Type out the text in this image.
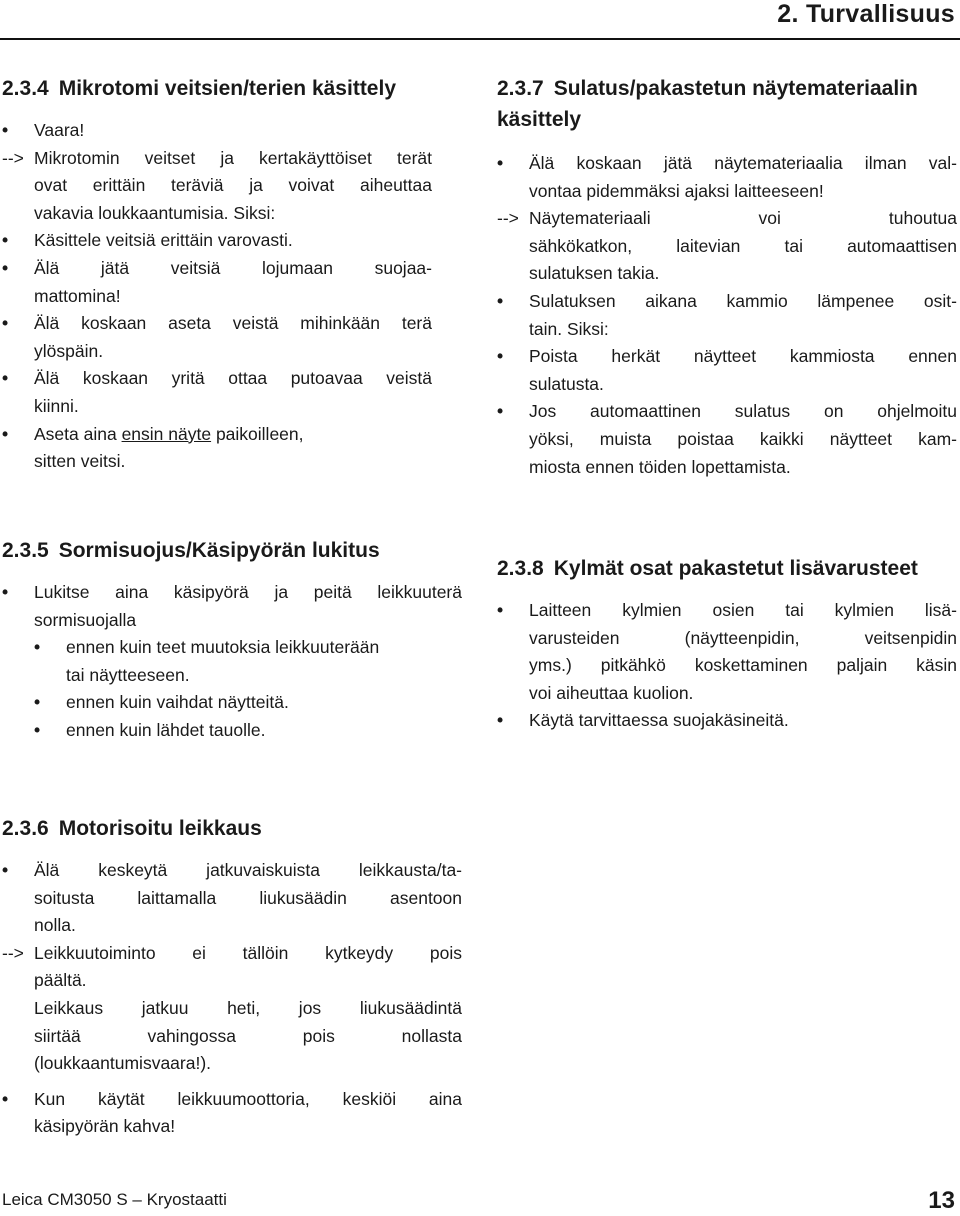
2. Turvallisuus
2.3.4 Mikrotomi veitsien/terien käsittely
• Vaara!
--> Mikrotomin veitset ja kertakäyttöiset terät
ovat erittäin teräviä ja voivat aiheuttaa
vakavia loukkaantumisia. Siksi:
• Käsittele veitsiä erittäin varovasti.
• Älä jätä veitsiä lojumaan suojaa-
mattomina!
• Älä koskaan aseta veistä mihinkään terä
ylöspäin.
• Älä koskaan yritä ottaa putoavaa veistä
kiinni.
• Aseta aina ensin näyte paikoilleen,
sitten veitsi.
2.3.5 Sormisuojus/Käsipyörän lukitus
• Lukitse aina käsipyörä ja peitä leikkuuterä
sormisuojalla
• ennen kuin teet muutoksia leikkuuterään
tai näytteeseen.
• ennen kuin vaihdat näytteitä.
• ennen kuin lähdet tauolle.
2.3.6 Motorisoitu leikkaus
• Älä keskeytä jatkuvaiskuista leikkausta/ta-
soitusta laittamalla liukusäädin asentoon
nolla.
--> Leikkuutoiminto ei tällöin kytkeydy pois
päältä.
Leikkaus jatkuu heti, jos liukusäädintä
siirtää vahingossa pois nollasta
(loukkaantumisvaara!).
• Kun käytät leikkuumoottoria, keskiöi aina
käsipyörän kahva!
2.3.7 Sulatus/pakastetun näytemateriaalin
käsittely
• Älä koskaan jätä näytemateriaalia ilman val-
vontaa pidemmäksi ajaksi laitteeseen!
--> Näytemateriaali voi tuhoutua
sähkökatkon, laitevian tai automaattisen
sulatuksen takia.
• Sulatuksen aikana kammio lämpenee osit-
tain. Siksi:
• Poista herkät näytteet kammiosta ennen
sulatusta.
• Jos automaattinen sulatus on ohjelmoitu
yöksi, muista poistaa kaikki näytteet kam-
miosta ennen töiden lopettamista.
2.3.8 Kylmät osat pakastetut lisävarusteet
• Laitteen kylmien osien tai kylmien lisä-
varusteiden (näytteenpidin, veitsenpidin
yms.) pitkähkö koskettaminen paljain käsin
voi aiheuttaa kuolion.
• Käytä tarvittaessa suojakäsineitä.
Leica CM3050 S – Kryostaatti	13
